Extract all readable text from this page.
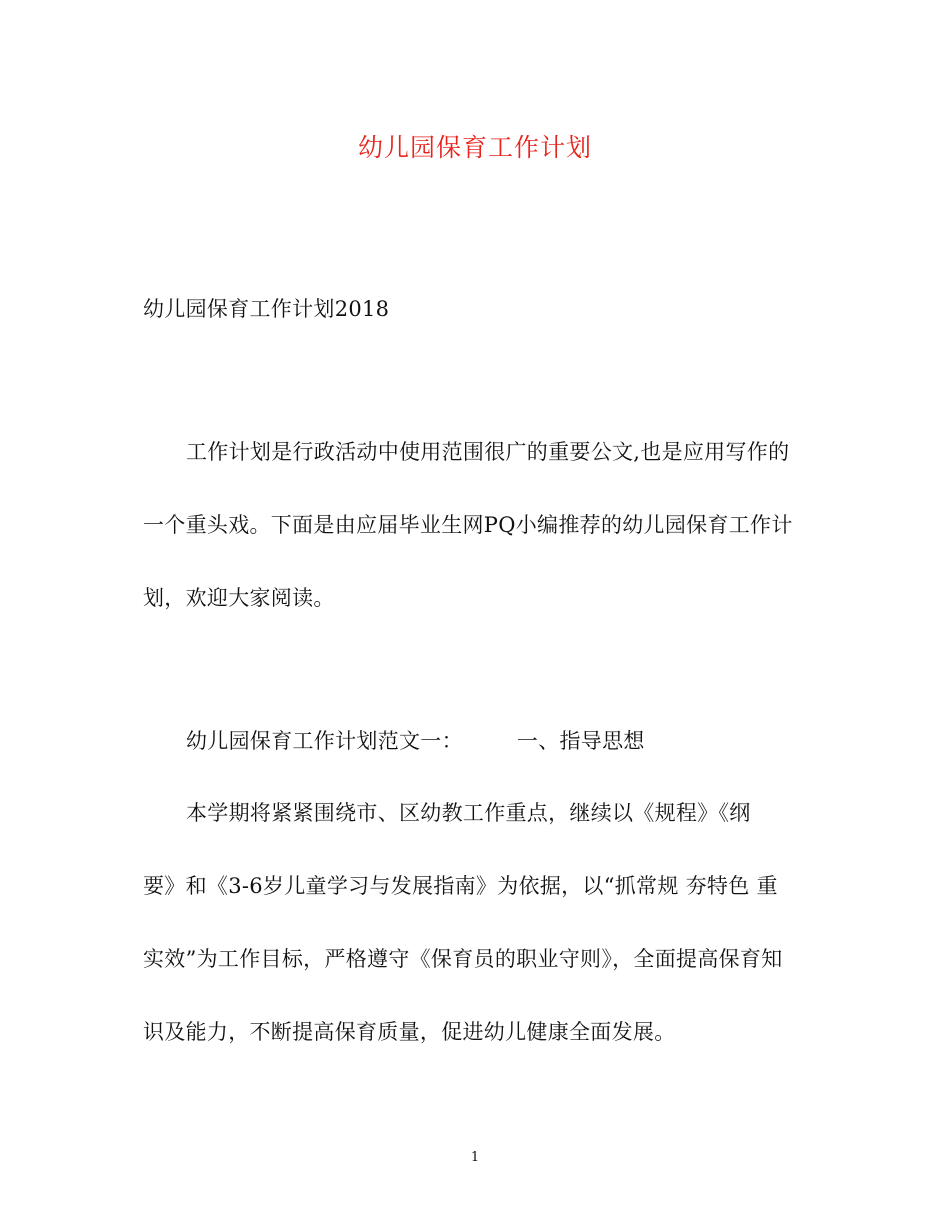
幼儿园保育工作计划
幼儿园保育工作计划2018
工作计划是行政活动中使用范围很广的重要公文,也是应用写作的
一个重头戏。下面是由应届毕业生网PQ小编推荐的幼儿园保育工作计
划，欢迎大家阅读。
幼儿园保育工作计划范文一：	一、指导思想
本学期将紧紧围绕市、区幼教工作重点，继续以《规程》《纲
要》和《3-6岁儿童学习与发展指南》为依据，以“抓常规 夯特色 重
实效”为工作目标，严格遵守《保育员的职业守则》，全面提高保育知
识及能力，不断提高保育质量，促进幼儿健康全面发展。
1
